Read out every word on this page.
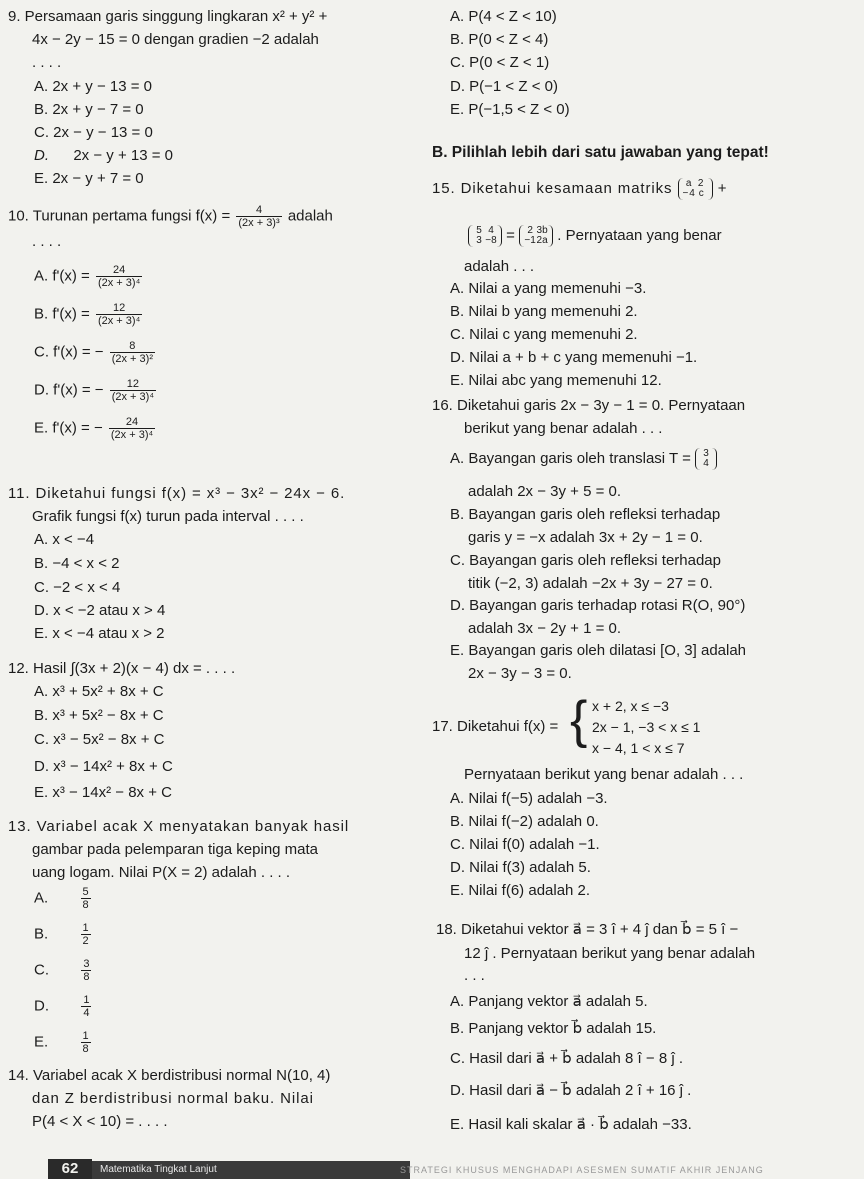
9. Persamaan garis singgung lingkaran x² + y² +
4x − 2y − 15 = 0 dengan gradien −2 adalah
. . . .
A. 2x + y − 13 = 0
B. 2x + y − 7 = 0
C. 2x − y − 13 = 0
D. 2x − y + 13 = 0
E. 2x − y + 7 = 0
10. Turunan pertama fungsi $f(x) = \frac{4}{\text{(2x + 3)³}}$ adalah
. . . .
A. $f'(x) = \frac{24}{\text{(2x + 3)⁴}}$
B. $f'(x) = \frac{12}{\text{(2x + 3)⁴}}$
C. f'(x) = − $\frac{8}{\text{(2x + 3)²}}$
D. f'(x) = − $\frac{12}{\text{(2x + 3)⁴}}$
E. f'(x) = − $\frac{24}{\text{(2x + 3)⁴}}$
11. Diketahui fungsi f(x) = x³ − 3x² − 24x − 6.
Grafik fungsi f(x) turun pada interval . . . .
A. x < −4
B. −4 < x < 2
C. −2 < x < 4
D. x < −2 atau x > 4
E. x < −4 atau x > 2
12. Hasil ∫(3x + 2)(x − 4) dx = . . . .
A. x³ + 5x² + 8x + C
B. x³ + 5x² − 8x + C
C. x³ − 5x² − 8x + C
D. x³ − 14x² + 8x + C
E. x³ − 14x² − 8x + C
13. Variabel acak X menyatakan banyak hasil
gambar pada pelemparan tiga keping mata
uang logam. Nilai P(X = 2) adalah . . . .
A.	$\frac{5}{8}$
B.	$\frac{1}{2}$
C.	$\frac{3}{8}$
D.	$\frac{1}{4}$
E.	$\frac{1}{8}$
14. Variabel acak X berdistribusi normal N(10, 4)
dan Z berdistribusi normal baku. Nilai
P(4 < X < 10) = . . . .
A. P(4 < Z < 10)
B. P(0 < Z < 4)
C. P(0 < Z < 1)
D. P(−1 < Z < 0)
E. P(−1,5 < Z < 0)
B. Pilihlah lebih dari satu jawaban yang tepat!
15. Diketahui kesamaan matriks a 2
−4 c +
5 4
3 −8 = 2 3b
−12a . Pernyataan yang benar
adalah . . .
A. Nilai a yang memenuhi −3.
B. Nilai b yang memenuhi 2.
C. Nilai c yang memenuhi 2.
D. Nilai a + b + c yang memenuhi −1.
E. Nilai abc yang memenuhi 12.
16. Diketahui garis 2x − 3y − 1 = 0. Pernyataan
berikut yang benar adalah . . .
A. Bayangan garis oleh translasi T = 3
4
adalah 2x − 3y + 5 = 0.
B. Bayangan garis oleh refleksi terhadap
garis y = −x adalah 3x + 2y − 1 = 0.
C. Bayangan garis oleh refleksi terhadap
titik (−2, 3) adalah −2x + 3y − 27 = 0.
D. Bayangan garis terhadap rotasi R(O, 90°)
adalah 3x − 2y + 1 = 0.
E. Bayangan garis oleh dilatasi [O, 3] adalah
2x − 3y − 3 = 0.
17. Diketahui f(x) = { x + 2, x ≤ −3
2x − 1, −3 < x ≤ 1
x − 4, 1 < x ≤ 7
Pernyataan berikut yang benar adalah . . .
A. Nilai f(−5) adalah −3.
B. Nilai f(−2) adalah 0.
C. Nilai f(0) adalah −1.
D. Nilai f(3) adalah 5.
E. Nilai f(6) adalah 2.
18. Diketahui vektor a⃗ = 3 î + 4 ĵ dan b⃗ = 5 î −
12 ĵ . Pernyataan berikut yang benar adalah
. . .
A. Panjang vektor a⃗ adalah 5.
B. Panjang vektor b⃗ adalah 15.
C. Hasil dari a⃗ + b⃗ adalah 8 î − 8 ĵ .
D. Hasil dari a⃗ − b⃗ adalah 2 î + 16 ĵ .
E. Hasil kali skalar a⃗ · b⃗ adalah −33.
62	Matematika Tingkat Lanjut	STRATEGI KHUSUS MENGHADAPI ASESMEN SUMATIF AKHIR JENJANG
